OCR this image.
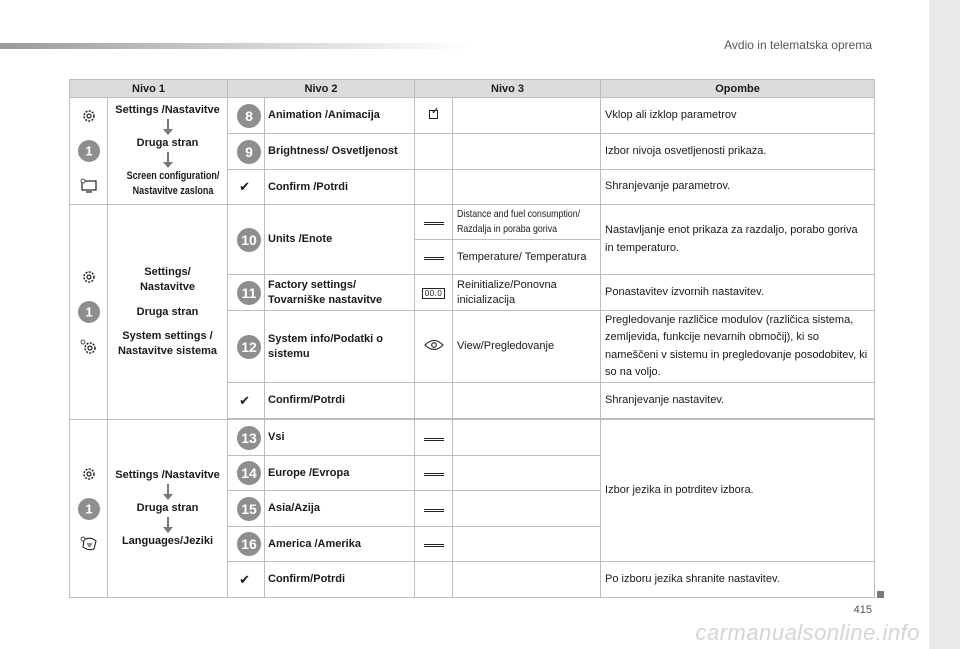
Avdio in telematska oprema
Nivo 1		Nivo 2		Nivo 3		Opombe

1	Settings /Nastavitve
Druga stran
Screen configuration/ Nastavitve zaslona	8	Animation /Animacija	✓		Vklop ali izklop parametrov
		9	Brightness/ Osvetljenost			Izbor nivoja osvetljenosti prikaza.
		✔	Confirm /Potrdi			Shranjevanje parametrov.

1	Settings/ Nastavitve
Druga stran
System settings / Nastavitve sistema	10	Units /Enote		Distance and fuel consumption/ Razdalja in poraba goriva	Nastavljanje enot prikaza za razdaljo, porabo goriva in temperaturo.
					Temperature/ Temperatura	
		11	Factory settings/ Tovarniške nastavitve	00.0	Reinitialize/Ponovna inicializacija	Ponastavitev izvornih nastavitev.
		12	System info/Podatki o sistemu		View/Pregledovanje	Pregledovanje različice modulov (različica sistema, zemljevida, funkcije nevarnih območij), ki so nameščeni v sistemu in pregledovanje posodobitev, ki so na voljo.
		✔	Confirm/Potrdi			Shranjevanje nastavitev.

1	Settings /Nastavitve
Druga stran
Languages/Jeziki	13	Vsi			Izbor jezika in potrditev izbora.
		14	Europe /Evropa			
		15	Asia/Azija			
		16	America /Amerika			
		✔	Confirm/Potrdi			Po izboru jezika shranite nastavitev.
415
carmanualsonline.info
